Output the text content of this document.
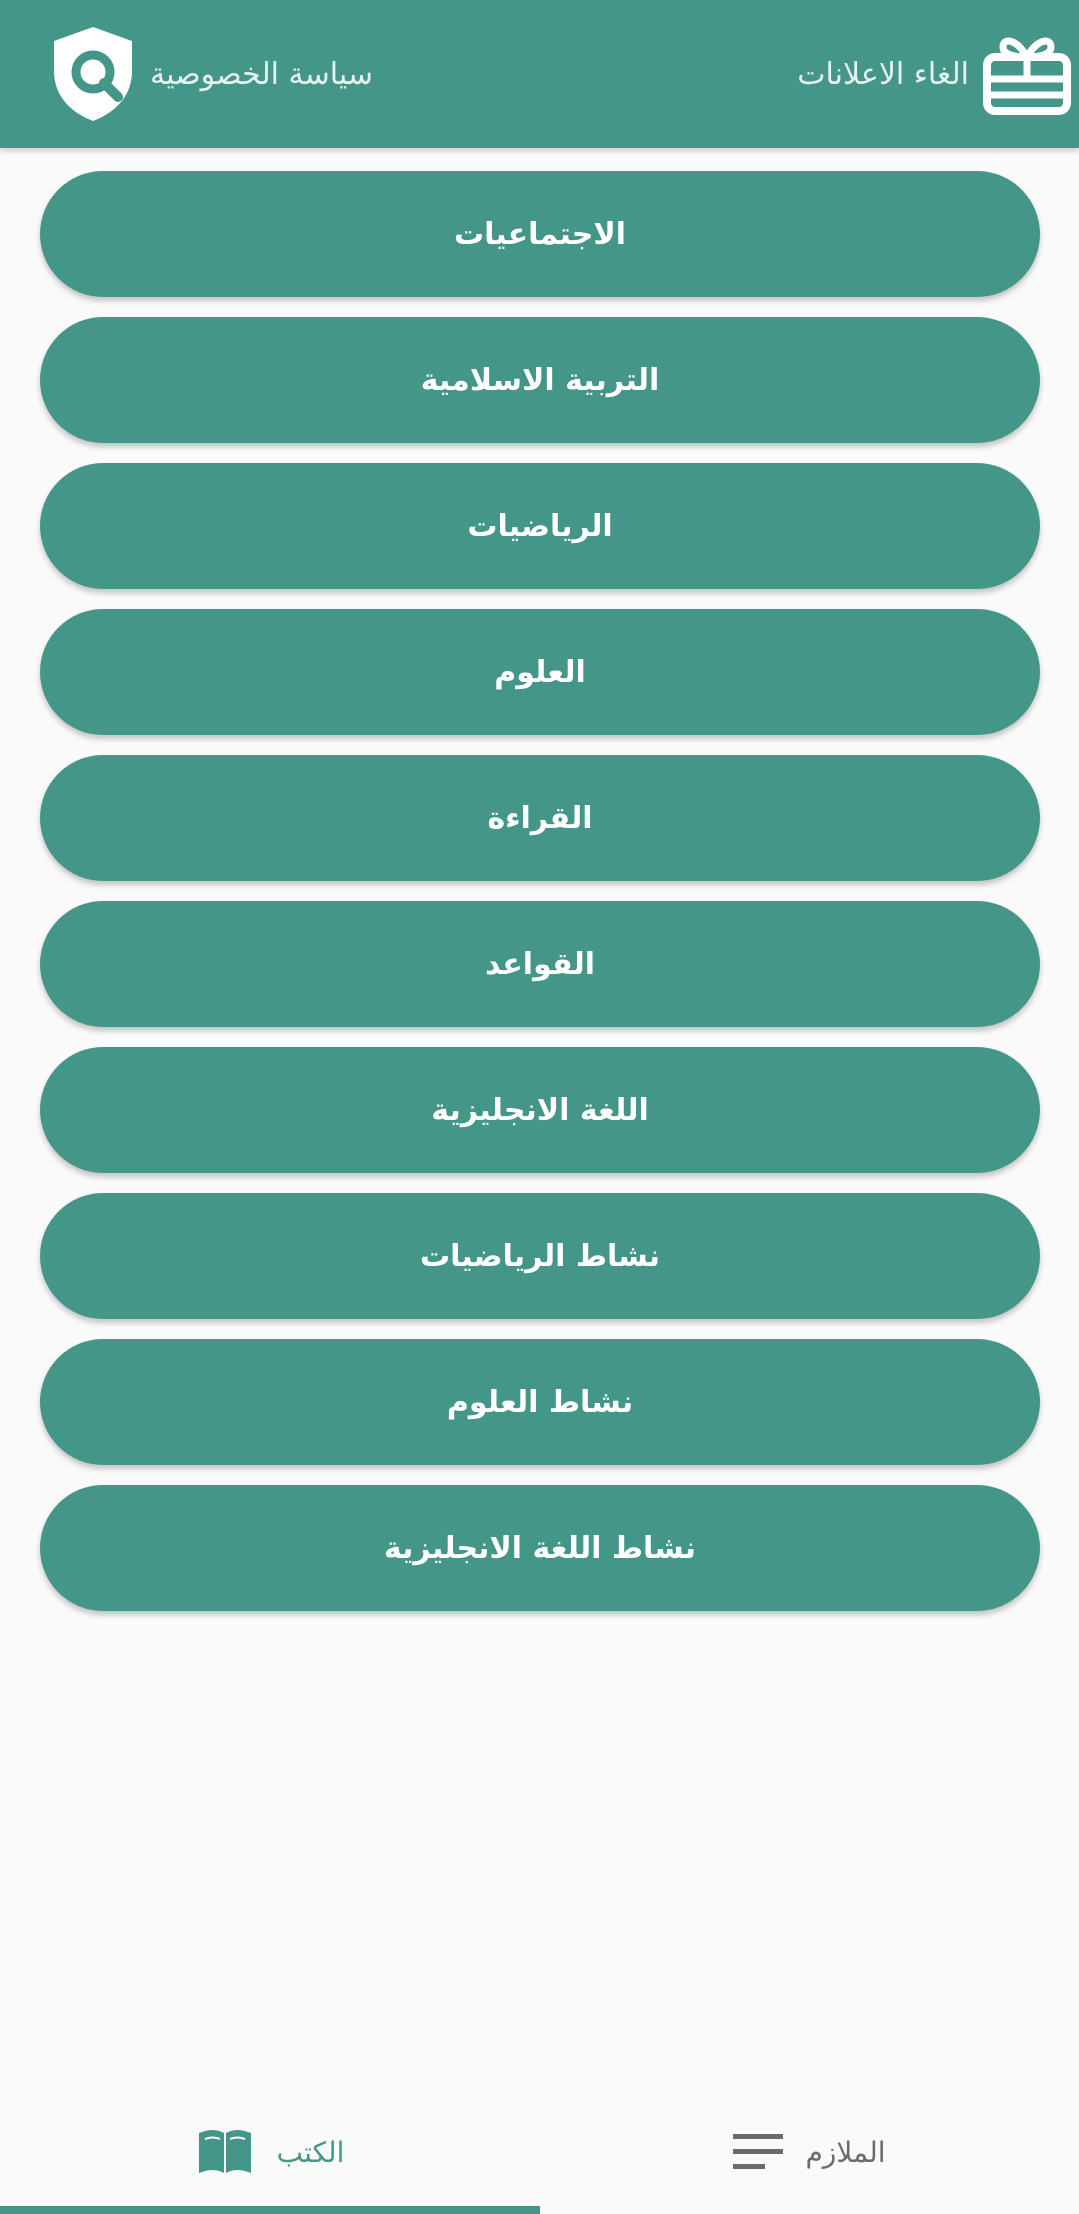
سياسة الخصوصية	الغاء الاعلانات
الاجتماعيات
التربية الاسلامية
الرياضيات
العلوم
القراءة
القواعد
اللغة الانجليزية
نشاط الرياضيات
نشاط العلوم
نشاط اللغة الانجليزية
الكتب	الملازم
